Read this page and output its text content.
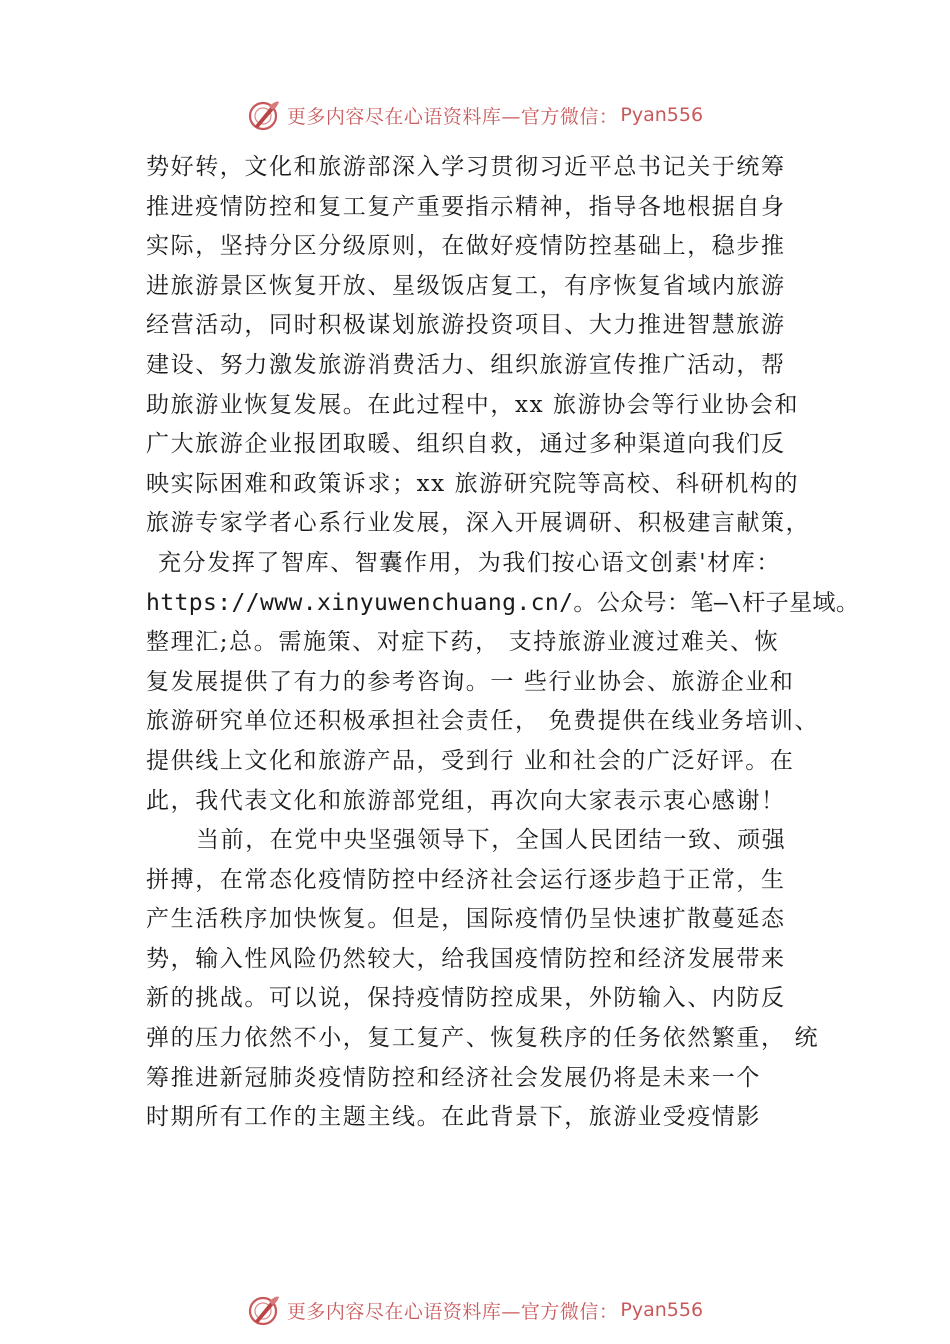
更多内容尽在心语资料库—官方微信： Pyan556
势好转，文化和旅游部深入学习贯彻习近平总书记关于统筹
推进疫情防控和复工复产重要指示精神，指导各地根据自身
实际，坚持分区分级原则，在做好疫情防控基础上，稳步推
进旅游景区恢复开放、星级饭店复工，有序恢复省域内旅游
经营活动，同时积极谋划旅游投资项目、大力推进智慧旅游
建设、努力激发旅游消费活力、组织旅游宣传推广活动，帮
助旅游业恢复发展。在此过程中，xx 旅游协会等行业协会和
广大旅游企业报团取暖、组织自救，通过多种渠道向我们反
映实际困难和政策诉求；xx 旅游研究院等高校、科研机构的
旅游专家学者心系行业发展，深入开展调研、积极建言献策，
充分发挥了智库、智囊作用，为我们按心语文创素'材库：
https://www.xinyuwenchuang.cn/。公众号：笔—\杆子星域。
整理汇;总。需施策、对症下药， 支持旅游业渡过难关、恢
复发展提供了有力的参考咨询。一 些行业协会、旅游企业和
旅游研究单位还积极承担社会责任， 免费提供在线业务培训、
提供线上文化和旅游产品，受到行 业和社会的广泛好评。在
此，我代表文化和旅游部党组，再次向大家表示衷心感谢！
当前，在党中央坚强领导下，全国人民团结一致、顽强
拼搏，在常态化疫情防控中经济社会运行逐步趋于正常，生
产生活秩序加快恢复。但是，国际疫情仍呈快速扩散蔓延态
势，输入性风险仍然较大，给我国疫情防控和经济发展带来
新的挑战。可以说，保持疫情防控成果，外防输入、内防反
弹的压力依然不小，复工复产、恢复秩序的任务依然繁重， 统
筹推进新冠肺炎疫情防控和经济社会发展仍将是未来一个
时期所有工作的主题主线。在此背景下，旅游业受疫情影
更多内容尽在心语资料库—官方微信： Pyan556
